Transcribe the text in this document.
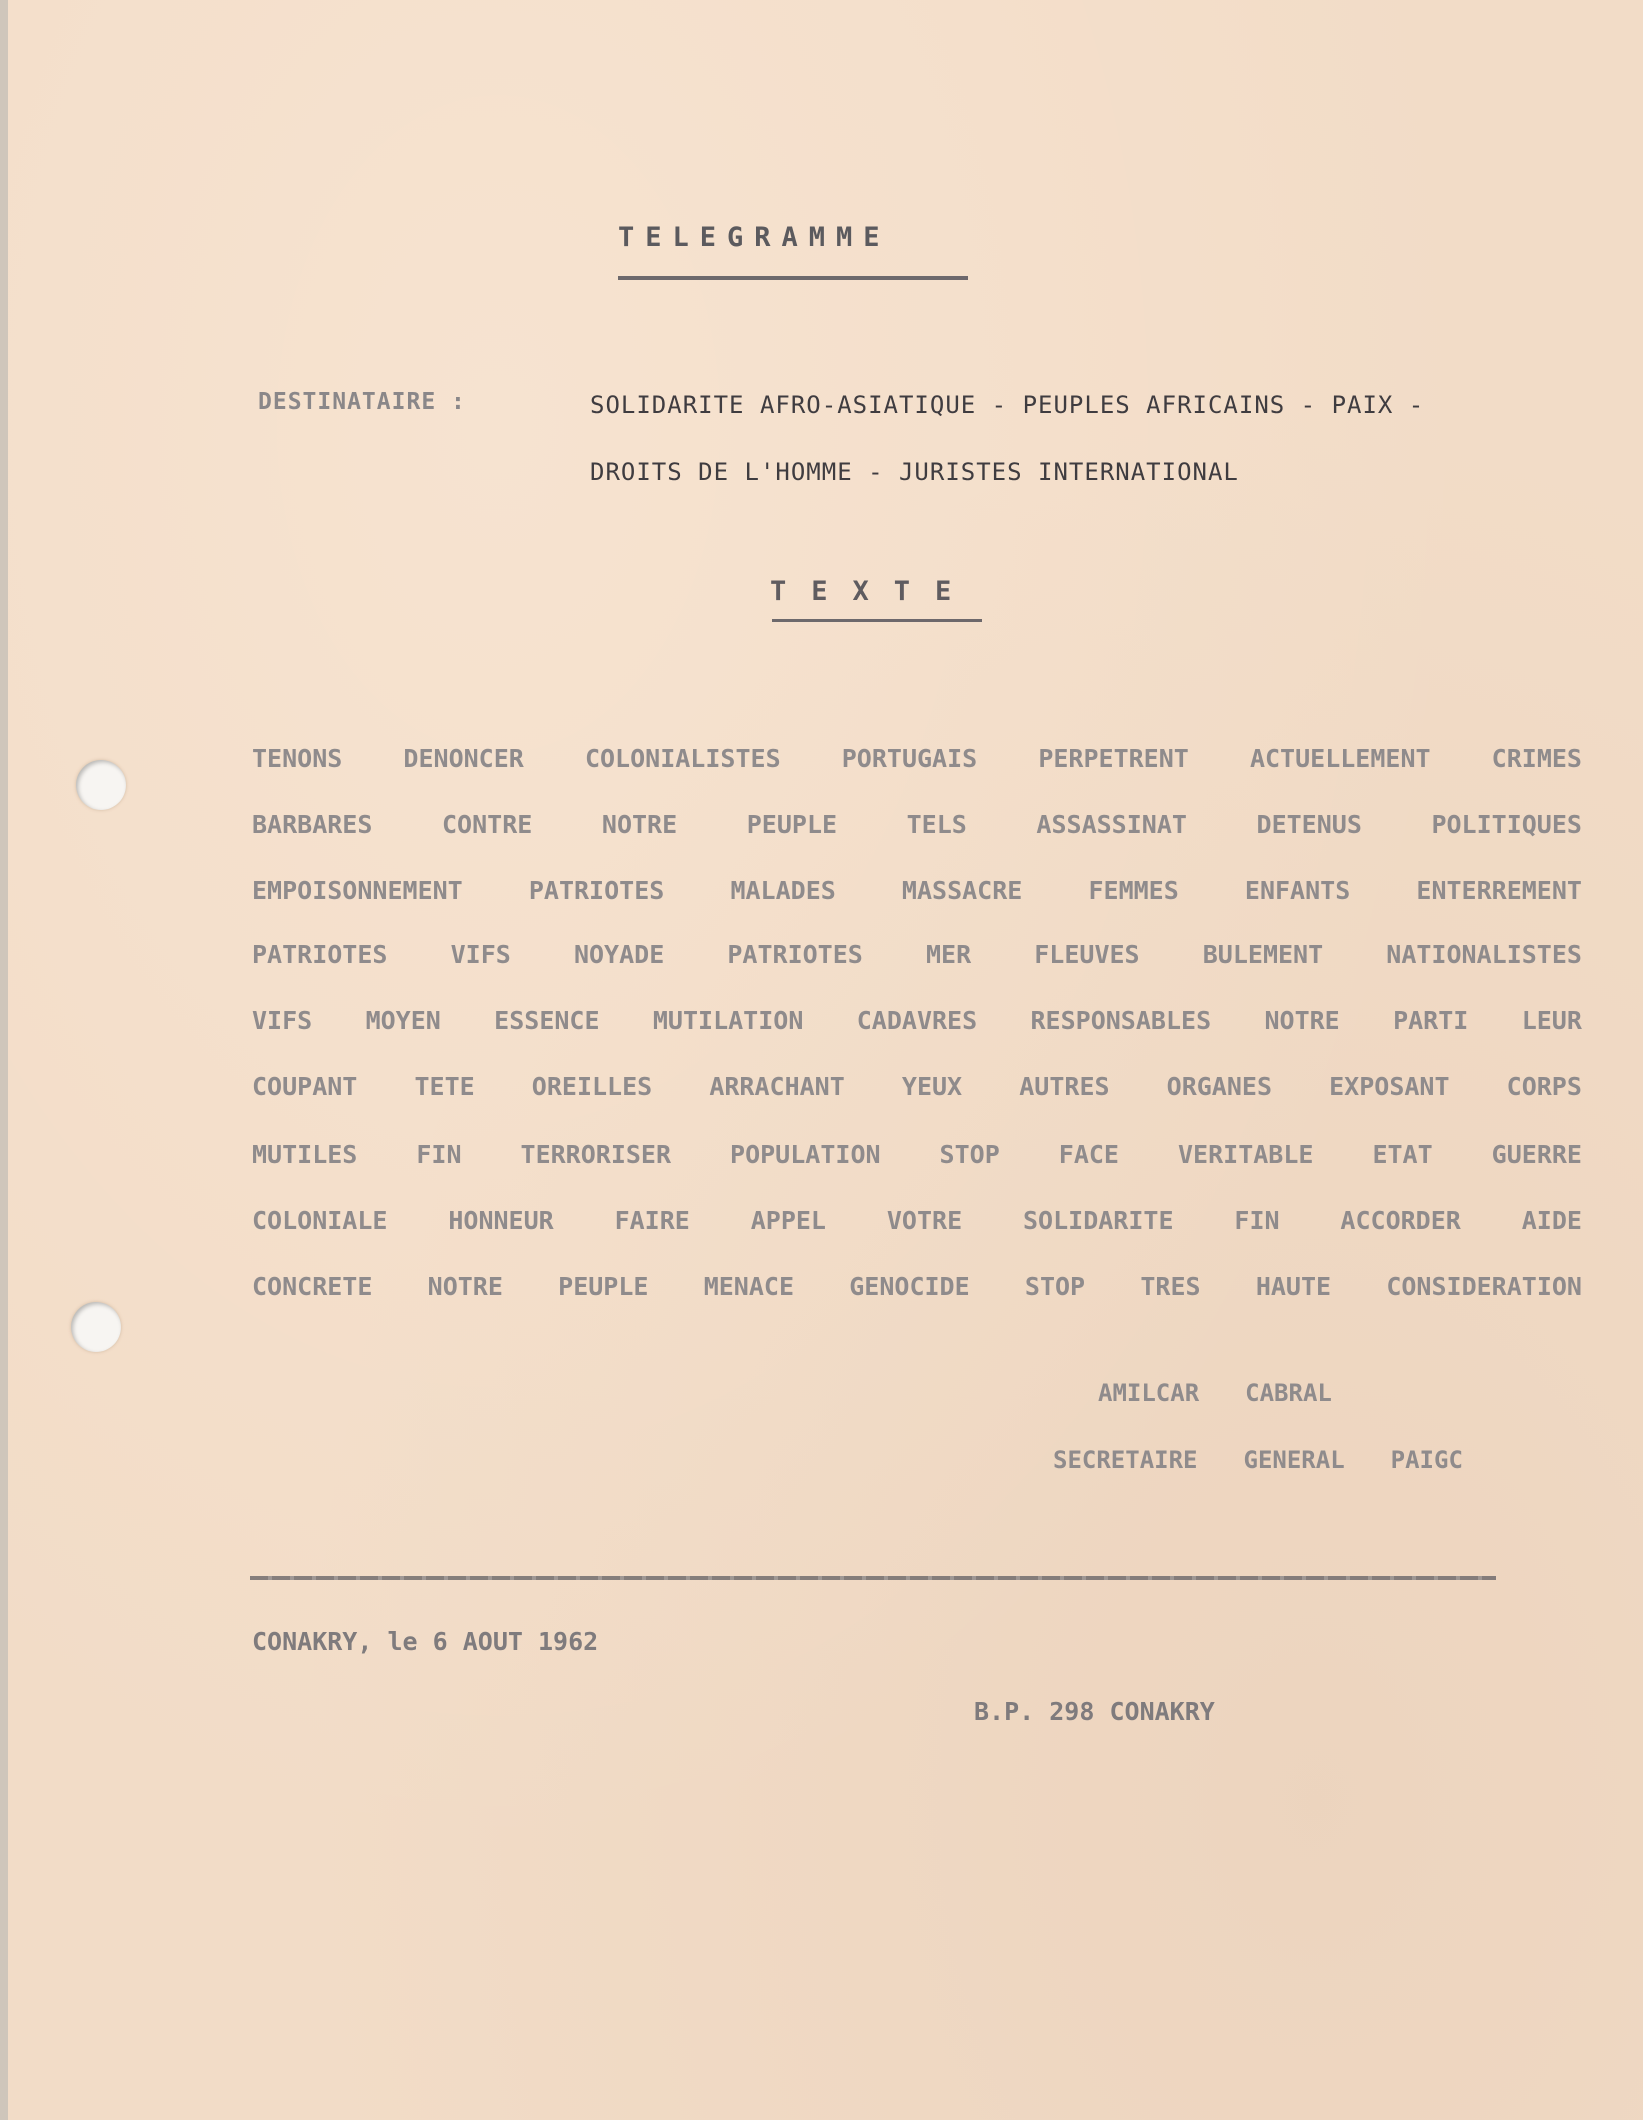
TELEGRAMME
DESTINATAIRE :	SOLIDARITE AFRO-ASIATIQUE - PEUPLES AFRICAINS - PAIX -
DROITS DE L'HOMME - JURISTES INTERNATIONAL
TEXTE
TENONS DENONCER COLONIALISTES PORTUGAIS PERPETRENT ACTUELLEMENT CRIMES
BARBARES	CONTRE	NOTRE	PEUPLE	TELS	ASSASSINAT	DETENUS	POLITIQUES
EMPOISONNEMENT	PATRIOTES	MALADES	MASSACRE	FEMMES	ENFANTS	ENTERREMENT
PATRIOTES	VIFS	NOYADE	PATRIOTES	MER	FLEUVES	BULEMENT	NATIONALISTES
VIFS MOYEN ESSENCE MUTILATION CADAVRES RESPONSABLES NOTRE PARTI LEUR
COUPANT TETE OREILLES ARRACHANT YEUX AUTRES ORGANES EXPOSANT CORPS
MUTILES FIN TERRORISER POPULATION STOP FACE VERITABLE ETAT GUERRE
COLONIALE HONNEUR FAIRE APPEL VOTRE SOLIDARITE FIN ACCORDER AIDE
CONCRETE NOTRE PEUPLE MENACE GENOCIDE STOP TRES HAUTE CONSIDERATION
AMILCAR CABRAL
SECRETAIRE GENERAL PAIGC
CONAKRY, le 6 AOUT 1962
B.P. 298 CONAKRY
